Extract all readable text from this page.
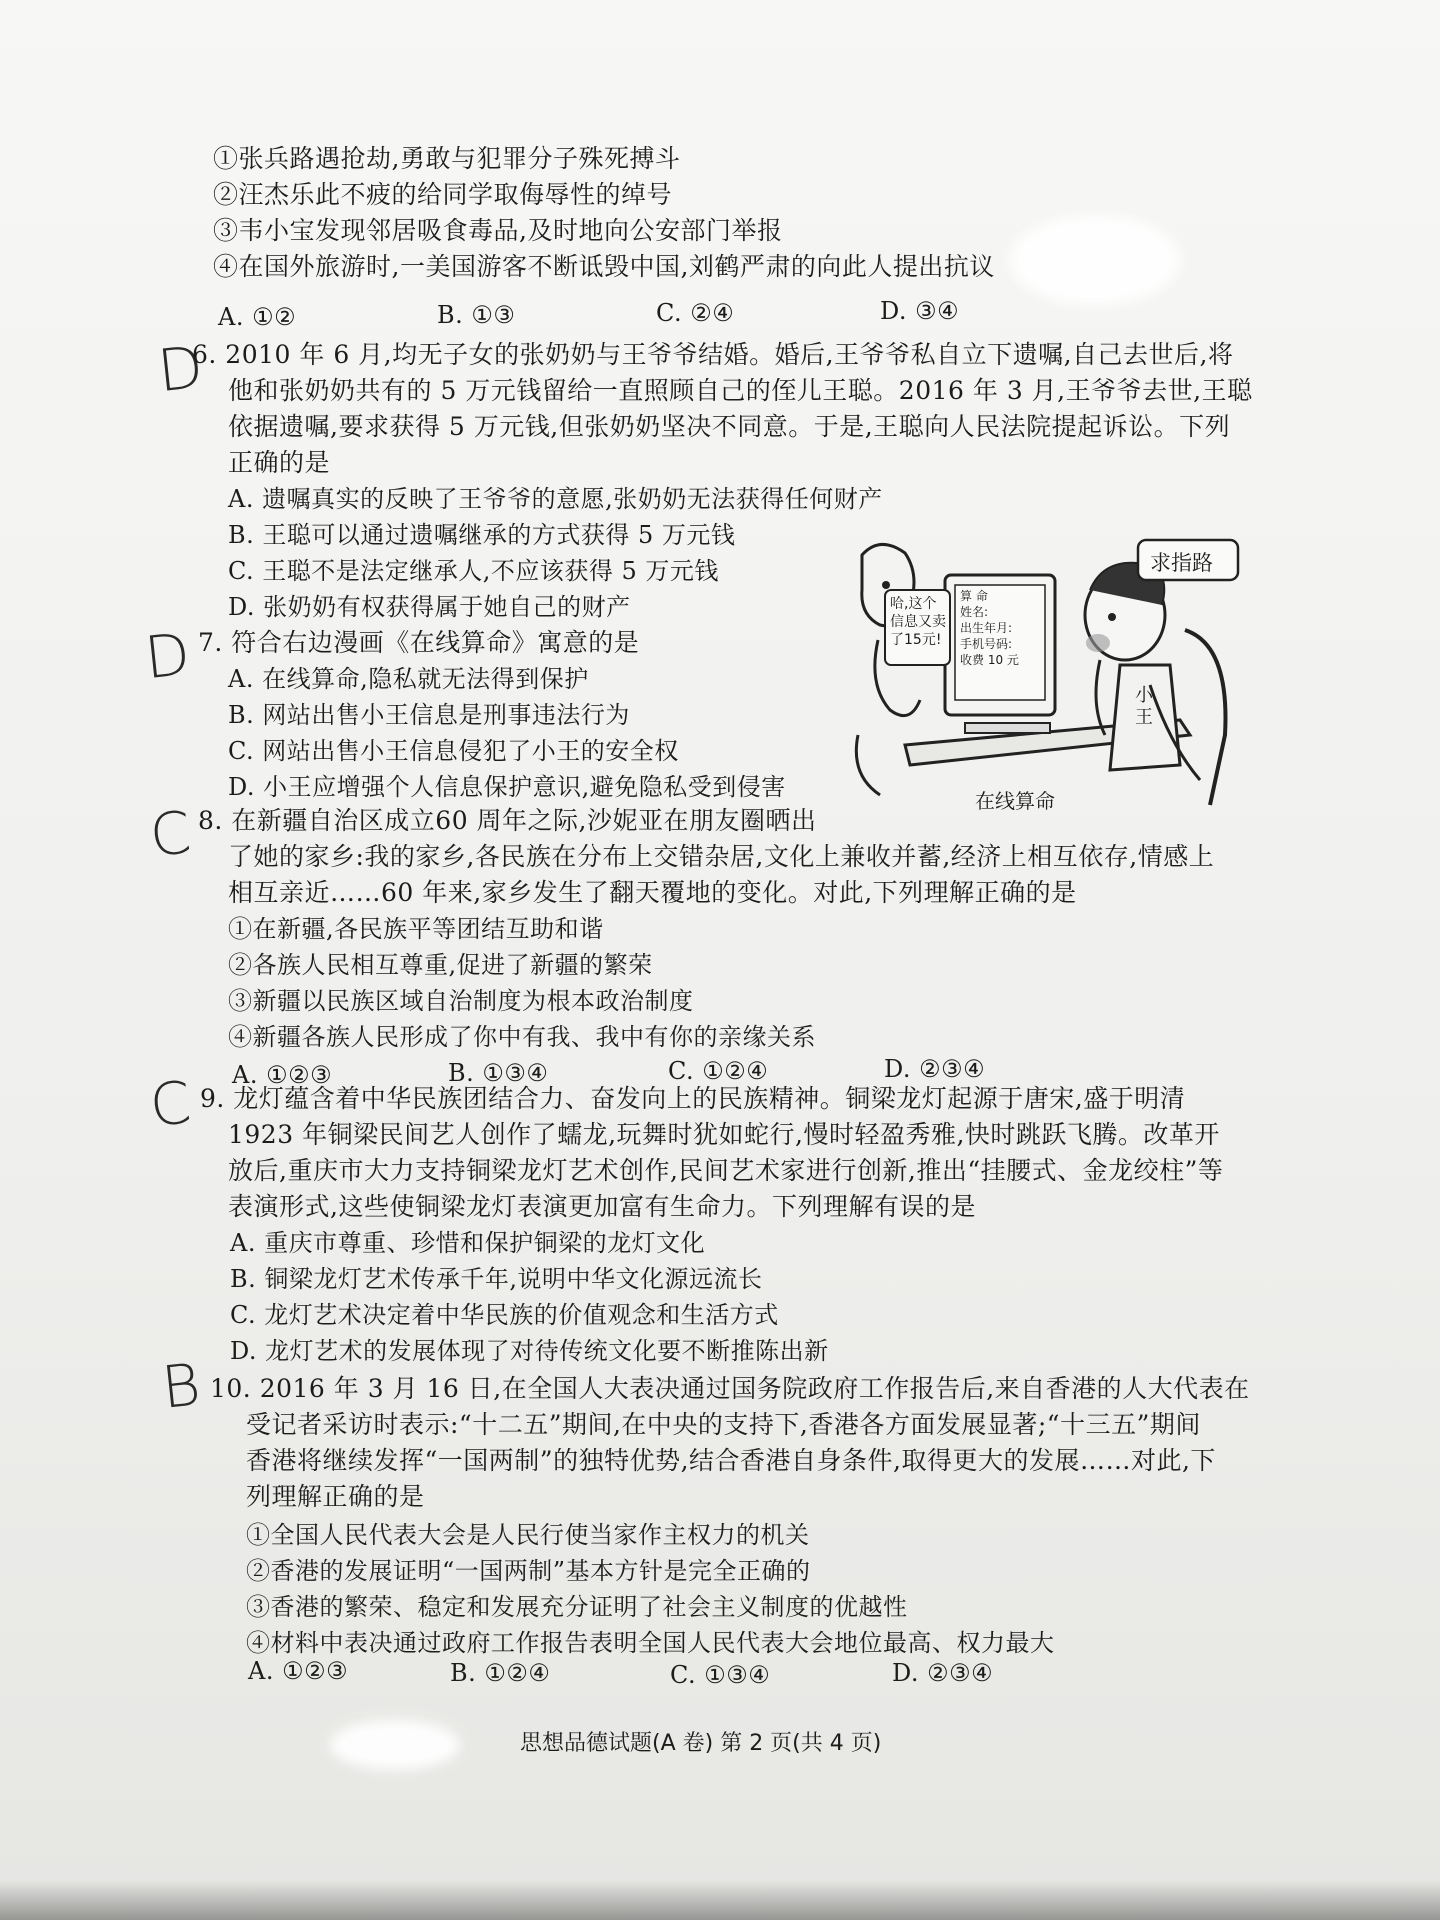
①张兵路遇抢劫,勇敢与犯罪分子殊死搏斗
②汪杰乐此不疲的给同学取侮辱性的绰号
③韦小宝发现邻居吸食毒品,及时地向公安部门举报
④在国外旅游时,一美国游客不断诋毁中国,刘鹤严肃的向此人提出抗议
A. ①②	B. ①③	C. ②④	D. ③④
D
6. 2010 年 6 月,均无子女的张奶奶与王爷爷结婚。婚后,王爷爷私自立下遗嘱,自己去世后,将
他和张奶奶共有的 5 万元钱留给一直照顾自己的侄儿王聪。2016 年 3 月,王爷爷去世,王聪
依据遗嘱,要求获得 5 万元钱,但张奶奶坚决不同意。于是,王聪向人民法院提起诉讼。下列
正确的是
A. 遗嘱真实的反映了王爷爷的意愿,张奶奶无法获得任何财产
B. 王聪可以通过遗嘱继承的方式获得 5 万元钱
C. 王聪不是法定继承人,不应该获得 5 万元钱
D. 张奶奶有权获得属于她自己的财产
D 7. 符合右边漫画《在线算命》寓意的是
A. 在线算命,隐私就无法得到保护
B. 网站出售小王信息是刑事违法行为
C. 网站出售小王信息侵犯了小王的安全权
D. 小王应增强个人信息保护意识,避免隐私受到侵害
求指路
哈,这个
信息又卖
了15元!
算 命
姓名:
出生年月:
手机号码:
收费 10 元
小
王
在线算命
C 8. 在新疆自治区成立60 周年之际,沙妮亚在朋友圈晒出
了她的家乡:我的家乡,各民族在分布上交错杂居,文化上兼收并蓄,经济上相互依存,情感上
相互亲近……60 年来,家乡发生了翻天覆地的变化。对此,下列理解正确的是
①在新疆,各民族平等团结互助和谐
②各族人民相互尊重,促进了新疆的繁荣
③新疆以民族区域自治制度为根本政治制度
④新疆各族人民形成了你中有我、我中有你的亲缘关系
A. ①②③	B. ①③④	C. ①②④	D. ②③④
C 9. 龙灯蕴含着中华民族团结合力、奋发向上的民族精神。铜梁龙灯起源于唐宋,盛于明清
1923 年铜梁民间艺人创作了蠕龙,玩舞时犹如蛇行,慢时轻盈秀雅,快时跳跃飞腾。改革开
放后,重庆市大力支持铜梁龙灯艺术创作,民间艺术家进行创新,推出“挂腰式、金龙绞柱”等
表演形式,这些使铜梁龙灯表演更加富有生命力。下列理解有误的是
A. 重庆市尊重、珍惜和保护铜梁的龙灯文化
B. 铜梁龙灯艺术传承千年,说明中华文化源远流长
C. 龙灯艺术决定着中华民族的价值观念和生活方式
D. 龙灯艺术的发展体现了对待传统文化要不断推陈出新
B 10. 2016 年 3 月 16 日,在全国人大表决通过国务院政府工作报告后,来自香港的人大代表在
受记者采访时表示:“十二五”期间,在中央的支持下,香港各方面发展显著;“十三五”期间
香港将继续发挥“一国两制”的独特优势,结合香港自身条件,取得更大的发展……对此,下
列理解正确的是
①全国人民代表大会是人民行使当家作主权力的机关
②香港的发展证明“一国两制”基本方针是完全正确的
③香港的繁荣、稳定和发展充分证明了社会主义制度的优越性
④材料中表决通过政府工作报告表明全国人民代表大会地位最高、权力最大
A. ①②③	B. ①②④	C. ①③④	D. ②③④
思想品德试题(A 卷) 第 2 页(共 4 页)
